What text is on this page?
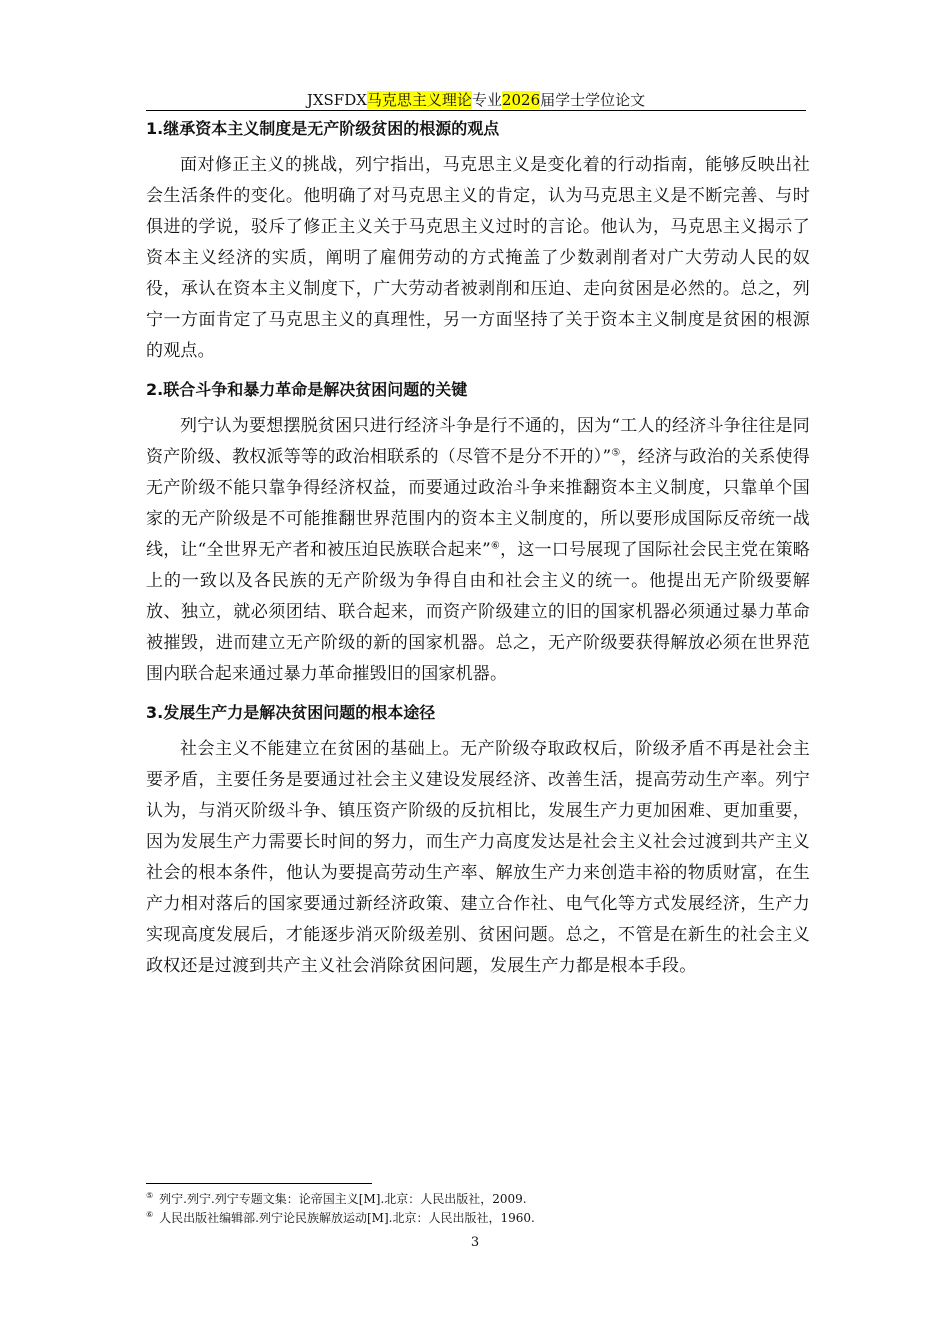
JXSFDX马克思主义理论专业2026届学士学位论文
1.继承资本主义制度是无产阶级贫困的根源的观点

面对修正主义的挑战，列宁指出，马克思主义是变化着的行动指南，能够反映出社会生活条件的变化。他明确了对马克思主义的肯定，认为马克思主义是不断完善、与时俱进的学说，驳斥了修正主义关于马克思主义过时的言论。他认为，马克思主义揭示了资本主义经济的实质，阐明了雇佣劳动的方式掩盖了少数剥削者对广大劳动人民的奴役，承认在资本主义制度下，广大劳动者被剥削和压迫、走向贫困是必然的。总之，列宁一方面肯定了马克思主义的真理性，另一方面坚持了关于资本主义制度是贫困的根源的观点。

2.联合斗争和暴力革命是解决贫困问题的关键

列宁认为要想摆脱贫困只进行经济斗争是行不通的，因为“工人的经济斗争往往是同资产阶级、教权派等等的政治相联系的（尽管不是分不开的）”⑤，经济与政治的关系使得无产阶级不能只靠争得经济权益，而要通过政治斗争来推翻资本主义制度，只靠单个国家的无产阶级是不可能推翻世界范围内的资本主义制度的，所以要形成国际反帝统一战线，让“全世界无产者和被压迫民族联合起来”⑥，这一口号展现了国际社会民主党在策略上的一致以及各民族的无产阶级为争得自由和社会主义的统一。他提出无产阶级要解放、独立，就必须团结、联合起来，而资产阶级建立的旧的国家机器必须通过暴力革命被摧毁，进而建立无产阶级的新的国家机器。总之，无产阶级要获得解放必须在世界范围内联合起来通过暴力革命摧毁旧的国家机器。

3.发展生产力是解决贫困问题的根本途径

社会主义不能建立在贫困的基础上。无产阶级夺取政权后，阶级矛盾不再是社会主要矛盾，主要任务是要通过社会主义建设发展经济、改善生活，提高劳动生产率。列宁认为，与消灭阶级斗争、镇压资产阶级的反抗相比，发展生产力更加困难、更加重要，因为发展生产力需要长时间的努力，而生产力高度发达是社会主义社会过渡到共产主义社会的根本条件，他认为要提高劳动生产率、解放生产力来创造丰裕的物质财富，在生产力相对落后的国家要通过新经济政策、建立合作社、电气化等方式发展经济，生产力实现高度发展后，才能逐步消灭阶级差别、贫困问题。总之，不管是在新生的社会主义政权还是过渡到共产主义社会消除贫困问题，发展生产力都是根本手段。

⑤ 列宁.列宁.列宁专题文集：论帝国主义[M].北京：人民出版社，2009.
⑥ 人民出版社编辑部.列宁论民族解放运动[M].北京：人民出版社，1960.
3
